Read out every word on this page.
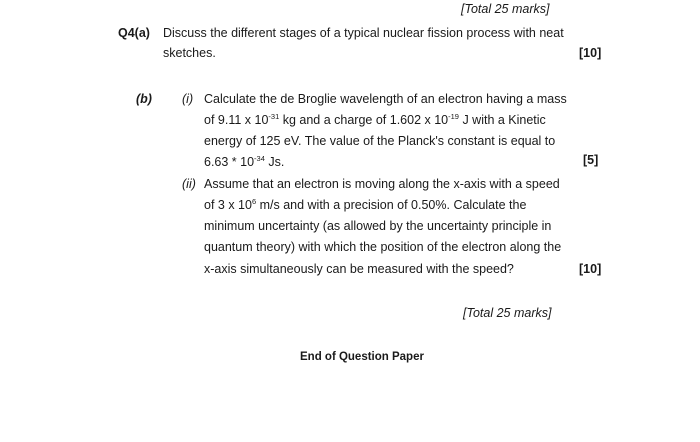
[Total 25 marks]
Q4(a) Discuss the different stages of a typical nuclear fission process with neat
sketches.	[10]
(b) (i) Calculate the de Broglie wavelength of an electron having a mass
of 9.11 x $10^{-31}$ kg and a charge of 1.602 x $10^{-19}$ J with a Kinetic
energy of 125 eV. The value of the Planck's constant is equal to
$6.63 * 10^{-34}$ Js.	[5]
(ii) Assume that an electron is moving along the x-axis with a speed
of 3 x $10^6$ m/s and with a precision of 0.50%. Calculate the
minimum uncertainty (as allowed by the uncertainty principle in
quantum theory) with which the position of the electron along the
x-axis simultaneously can be measured with the speed?	[10]
[Total 25 marks]
End of Question Paper
